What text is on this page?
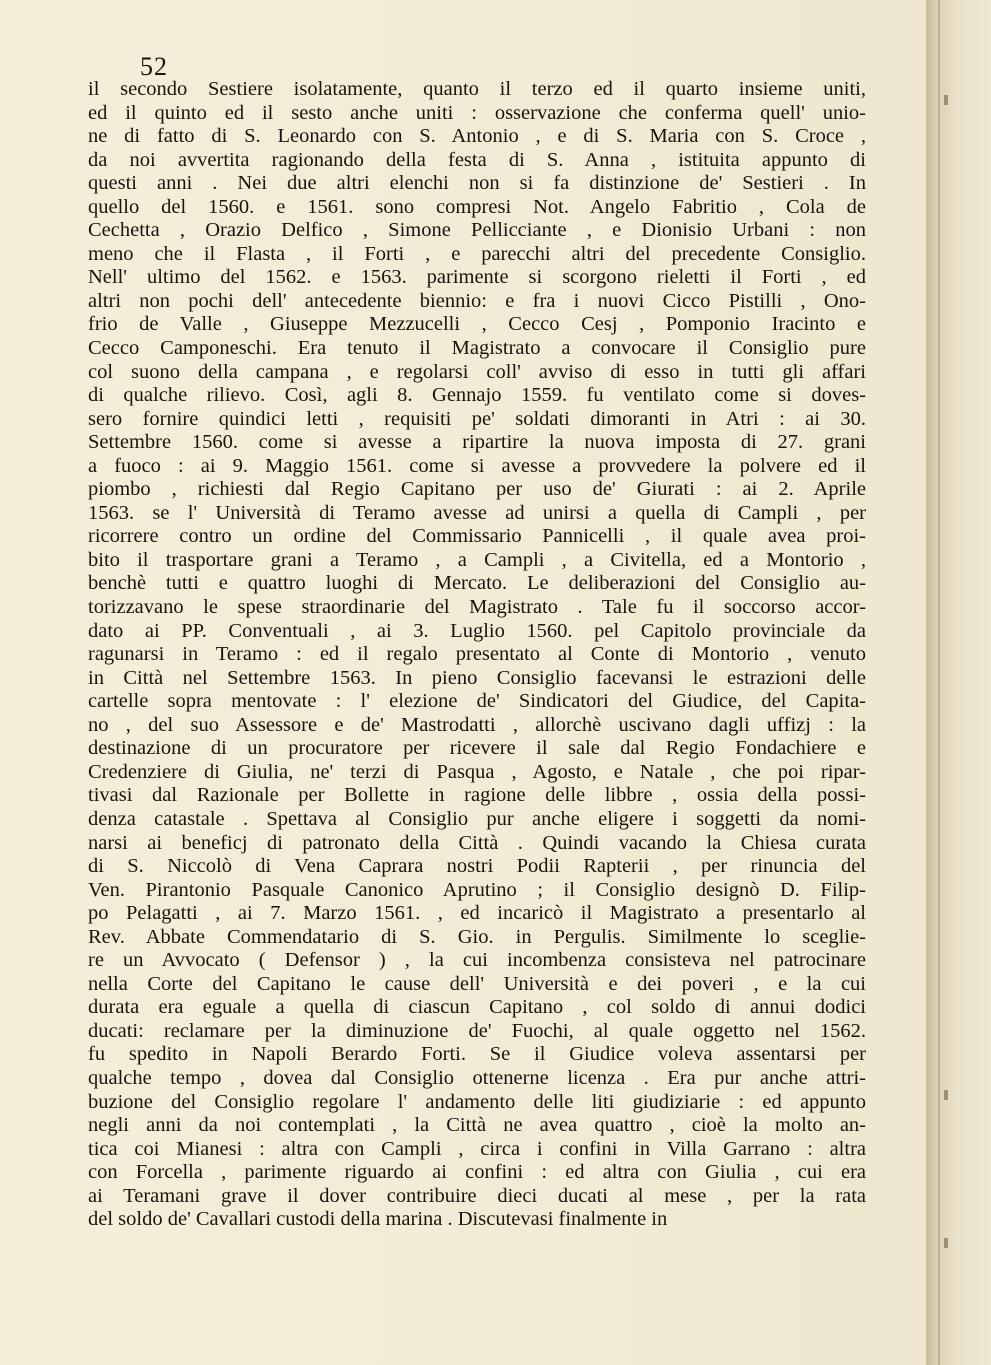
52
il secondo Sestiere isolatamente, quanto il terzo ed il quarto insieme uniti,
ed il quinto ed il sesto anche uniti : osservazione che conferma quell' unio-
ne di fatto di S. Leonardo con S. Antonio , e di S. Maria con S. Croce ,
da noi avvertita ragionando della festa di S. Anna , istituita appunto di
questi anni . Nei due altri elenchi non si fa distinzione de' Sestieri . In
quello del 1560. e 1561. sono compresi Not. Angelo Fabritio , Cola de
Cechetta , Orazio Delfico , Simone Pellicciante , e Dionisio Urbani : non
meno che il Flasta , il Forti , e parecchi altri del precedente Consiglio.
Nell' ultimo del 1562. e 1563. parimente si scorgono rieletti il Forti , ed
altri non pochi dell' antecedente biennio: e fra i nuovi Cicco Pistilli , Ono-
frio de Valle , Giuseppe Mezzucelli , Cecco Cesj , Pomponio Iracinto e
Cecco Camponeschi. Era tenuto il Magistrato a convocare il Consiglio pure
col suono della campana , e regolarsi coll' avviso di esso in tutti gli affari
di qualche rilievo. Così, agli 8. Gennajo 1559. fu ventilato come si doves-
sero fornire quindici letti , requisiti pe' soldati dimoranti in Atri : ai 30.
Settembre 1560. come si avesse a ripartire la nuova imposta di 27. grani
a fuoco : ai 9. Maggio 1561. come si avesse a provvedere la polvere ed il
piombo , richiesti dal Regio Capitano per uso de' Giurati : ai 2. Aprile
1563. se l' Università di Teramo avesse ad unirsi a quella di Campli , per
ricorrere contro un ordine del Commissario Pannicelli , il quale avea proi-
bito il trasportare grani a Teramo , a Campli , a Civitella, ed a Montorio ,
benchè tutti e quattro luoghi di Mercato. Le deliberazioni del Consiglio au-
torizzavano le spese straordinarie del Magistrato . Tale fu il soccorso accor-
dato ai PP. Conventuali , ai 3. Luglio 1560. pel Capitolo provinciale da
ragunarsi in Teramo : ed il regalo presentato al Conte di Montorio , venuto
in Città nel Settembre 1563. In pieno Consiglio facevansi le estrazioni delle
cartelle sopra mentovate : l' elezione de' Sindicatori del Giudice, del Capita-
no , del suo Assessore e de' Mastrodatti , allorchè uscivano dagli uffizj : la
destinazione di un procuratore per ricevere il sale dal Regio Fondachiere e
Credenziere di Giulia, ne' terzi di Pasqua , Agosto, e Natale , che poi ripar-
tivasi dal Razionale per Bollette in ragione delle libbre , ossia della possi-
denza catastale . Spettava al Consiglio pur anche eligere i soggetti da nomi-
narsi ai beneficj di patronato della Città . Quindi vacando la Chiesa curata
di S. Niccolò di Vena Caprara nostri Podii Rapterii , per rinuncia del
Ven. Pirantonio Pasquale Canonico Aprutino ; il Consiglio designò D. Filip-
po Pelagatti , ai 7. Marzo 1561. , ed incaricò il Magistrato a presentarlo al
Rev. Abbate Commendatario di S. Gio. in Pergulis. Similmente lo sceglie-
re un Avvocato ( Defensor ) , la cui incombenza consisteva nel patrocinare
nella Corte del Capitano le cause dell' Università e dei poveri , e la cui
durata era eguale a quella di ciascun Capitano , col soldo di annui dodici
ducati: reclamare per la diminuzione de' Fuochi, al quale oggetto nel 1562.
fu spedito in Napoli Berardo Forti. Se il Giudice voleva assentarsi per
qualche tempo , dovea dal Consiglio ottenerne licenza . Era pur anche attri-
buzione del Consiglio regolare l' andamento delle liti giudiziarie : ed appunto
negli anni da noi contemplati , la Città ne avea quattro , cioè la molto an-
tica coi Mianesi : altra con Campli , circa i confini in Villa Garrano : altra
con Forcella , parimente riguardo ai confini : ed altra con Giulia , cui era
ai Teramani grave il dover contribuire dieci ducati al mese , per la rata
del soldo de' Cavallari custodi della marina . Discutevasi finalmente in
